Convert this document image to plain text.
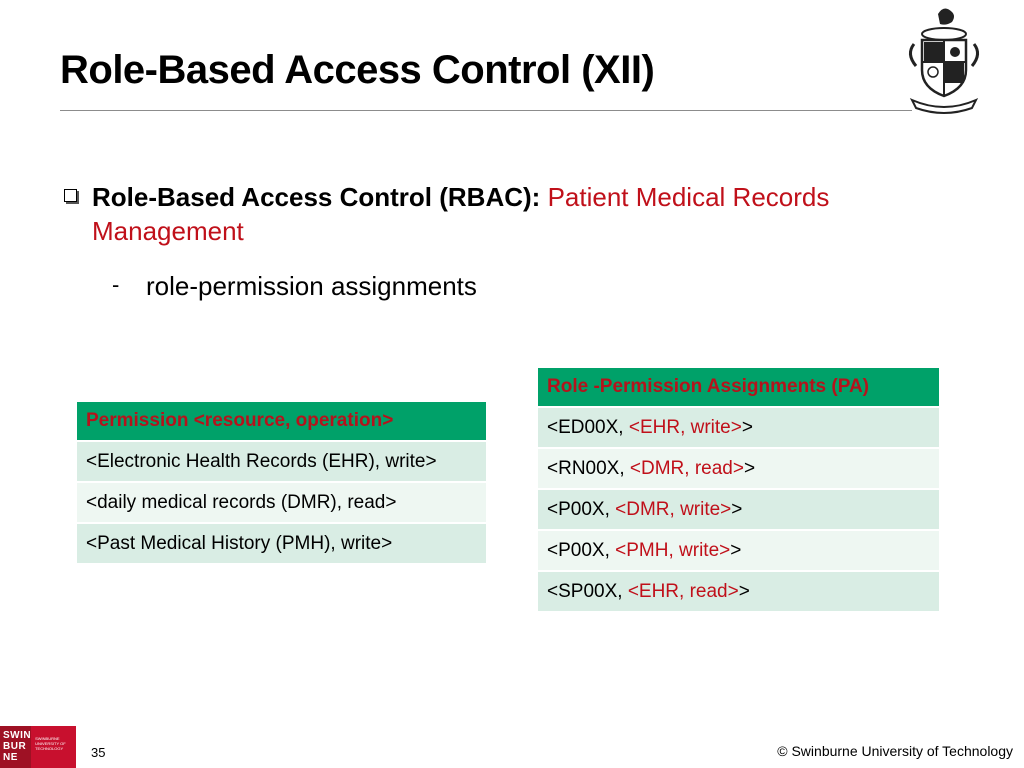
Role-Based Access Control (XII)
Role-Based Access Control (RBAC): Patient Medical Records Management
- role-permission assignments
Permission <resource, operation>
<Electronic Health Records (EHR), write>
<daily medical records (DMR), read>
<Past Medical History (PMH), write>
Role -Permission Assignments (PA)
<ED00X, <EHR, write>>
<RN00X, <DMR, read>>
<P00X, <DMR, write>>
<P00X, <PMH, write>>
<SP00X, <EHR, read>>
SWIN BUR NE
SWINBURNE UNIVERSITY OF TECHNOLOGY	35	© Swinburne University of Technology
